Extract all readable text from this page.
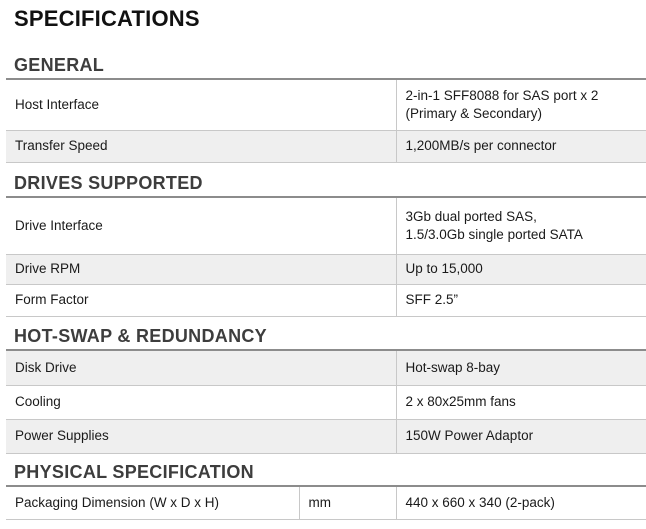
SPECIFICATIONS
GENERAL
Host Interface	2-in-1 SFF8088 for SAS port x 2
(Primary & Secondary)

Transfer Speed	1,200MB/s per connector
DRIVES SUPPORTED
Drive Interface	3Gb dual ported SAS,
1.5/3.0Gb single ported SATA

Drive RPM	Up to 15,000
Form Factor	SFF 2.5”
HOT-SWAP & REDUNDANCY
Disk Drive	Hot-swap 8-bay
Cooling	2 x 80x25mm fans
Power Supplies	150W Power Adaptor
PHYSICAL SPECIFICATION
Packaging Dimension (W x D x H)	mm	440 x 660 x 340 (2-pack)
